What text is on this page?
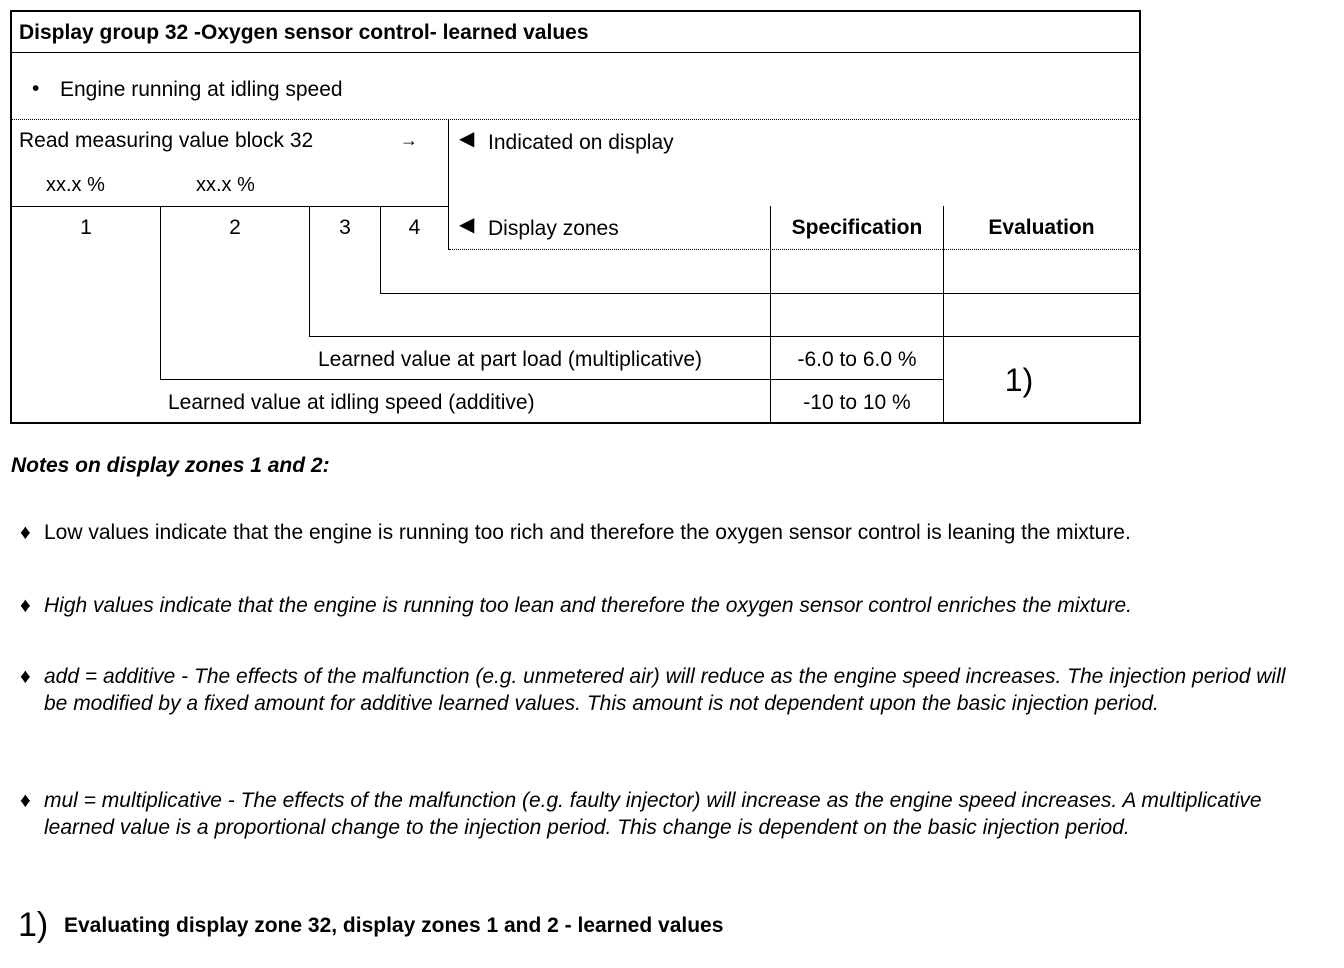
Display group 32 -Oxygen sensor control- learned values
• Engine running at idling speed
Read measuring value block 32	→
xx.x %	xx.x %
◀ Indicated on display
1	2	3	4	◀ Display zones	Specification	Evaluation
Learned value at part load (multiplicative)	-6.0 to 6.0 %
Learned value at idling speed (additive)	-10 to 10 %
1)
Notes on display zones 1 and 2:
♦ Low values indicate that the engine is running too rich and therefore the oxygen sensor control is leaning the mixture.
♦ High values indicate that the engine is running too lean and therefore the oxygen sensor control enriches the mixture.
♦ add = additive - The effects of the malfunction (e.g. unmetered air) will reduce as the engine speed increases. The injection period will be modified by a fixed amount for additive learned values. This amount is not dependent upon the basic injection period.
♦ mul = multiplicative - The effects of the malfunction (e.g. faulty injector) will increase as the engine speed increases. A multiplicative learned value is a proportional change to the injection period. This change is dependent on the basic injection period.
1) Evaluating display zone 32, display zones 1 and 2 - learned values
